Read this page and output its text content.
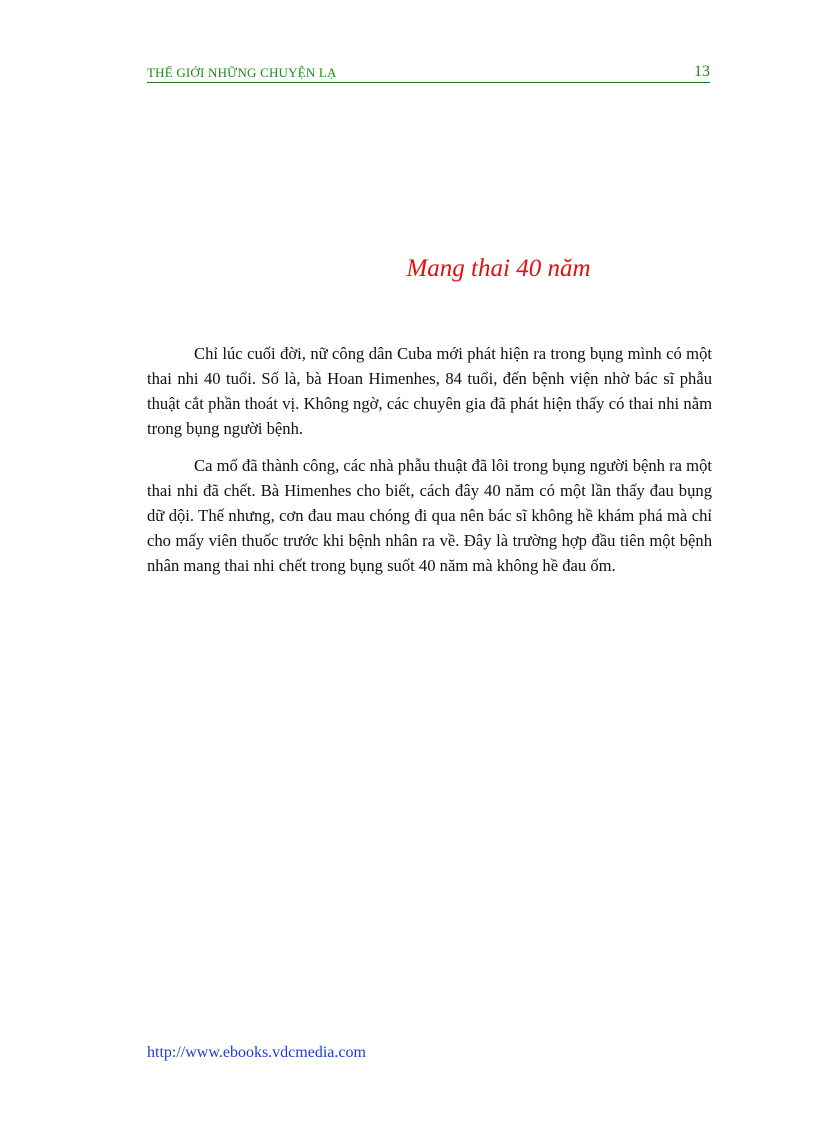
THẾ GIỚI NHỮNG CHUYỆN LẠ	13
Mang thai 40 năm

Chỉ lúc cuối đời, nữ công dân Cuba mới phát hiện ra trong bụng mình có một thai nhi 40 tuổi. Số là, bà Hoan Himenhes, 84 tuổi, đến bệnh viện nhờ bác sĩ phẫu thuật cắt phần thoát vị. Không ngờ, các chuyên gia đã phát hiện thấy có thai nhi nằm trong bụng người bệnh.

Ca mổ đã thành công, các nhà phẫu thuật đã lôi trong bụng người bệnh ra một thai nhi đã chết. Bà Himenhes cho biết, cách đây 40 năm có một lần thấy đau bụng dữ dội. Thế nhưng, cơn đau mau chóng đi qua nên bác sĩ không hề khám phá mà chỉ cho mấy viên thuốc trước khi bệnh nhân ra về. Đây là trường hợp đầu tiên một bệnh nhân mang thai nhi chết trong bụng suốt 40 năm mà không hề đau ốm.

http://www.ebooks.vdcmedia.com
